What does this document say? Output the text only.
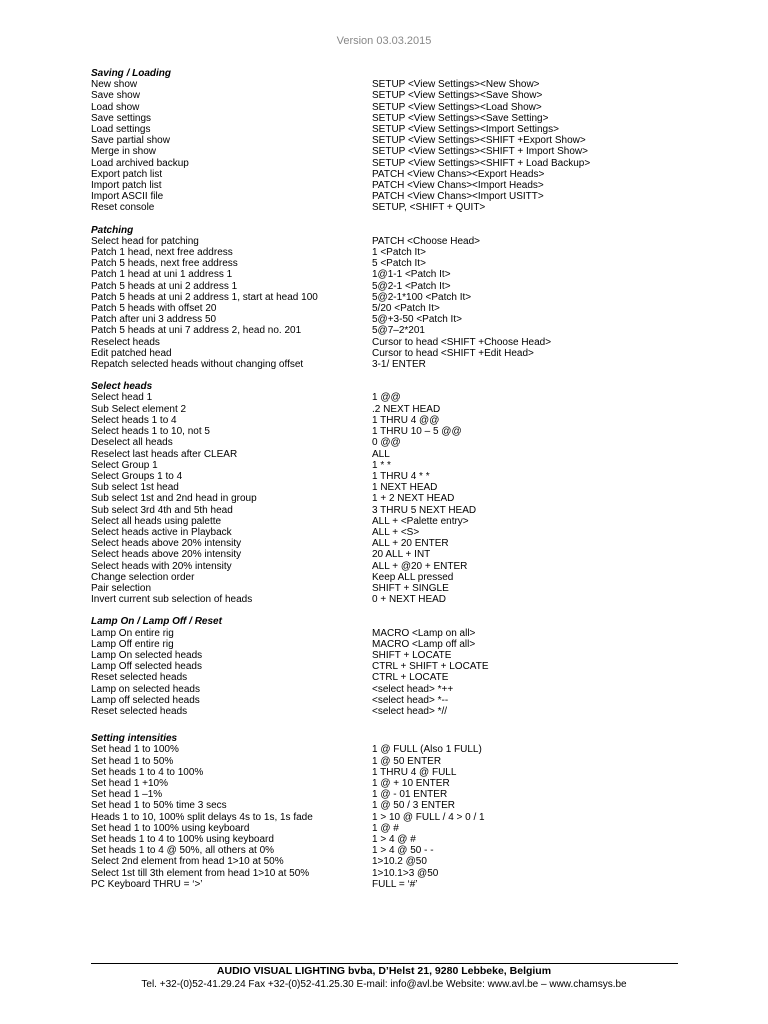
Version 03.03.2015
Saving / Loading
New show	SETUP <View Settings><New Show>
Save show	SETUP <View Settings><Save Show>
Load show	SETUP <View Settings><Load Show>
Save settings	SETUP <View Settings><Save Setting>
Load settings	SETUP <View Settings><Import Settings>
Save partial show	SETUP <View Settings><SHIFT +Export Show>
Merge in show	SETUP <View Settings><SHIFT + Import Show>
Load archived backup	SETUP <View Settings><SHIFT + Load Backup>
Export patch list	PATCH <View Chans><Export Heads>
Import patch list	PATCH <View Chans><Import Heads>
Import ASCII file	PATCH <View Chans><Import USITT>
Reset console	SETUP, <SHIFT + QUIT>
Patching
Select head for patching	PATCH <Choose Head>
Patch 1 head, next free address	1 <Patch It>
Patch 5 heads, next free address	5 <Patch It>
Patch 1 head at uni 1 address 1	1@1-1 <Patch It>
Patch 5 heads at uni 2 address 1	5@2-1 <Patch It>
Patch 5 heads at uni 2 address 1, start at head 100	5@2-1*100 <Patch It>
Patch 5 heads with offset 20	5/20 <Patch It>
Patch after uni 3 address 50	5@+3-50 <Patch It>
Patch 5 heads at uni 7 address 2, head no. 201	5@7–2*201
Reselect heads	Cursor to head <SHIFT +Choose Head>
Edit patched head	Cursor to head <SHIFT +Edit Head>
Repatch selected heads without changing offset	3-1/ ENTER
Select heads
Select head 1	1 @@
Sub Select element 2	.2 NEXT HEAD
Select heads 1 to 4	1 THRU 4 @@
Select heads 1 to 10, not 5	1 THRU 10 – 5 @@
Deselect all heads	0 @@
Reselect last heads after CLEAR	ALL
Select Group 1	1 * *
Select Groups 1 to 4	1 THRU 4 * *
Sub select 1st head	1 NEXT HEAD
Sub select 1st and 2nd head in group	1 + 2 NEXT HEAD
Sub select 3rd 4th and 5th head	3 THRU 5 NEXT HEAD
Select all heads using palette	ALL + <Palette entry>
Select heads active in Playback	ALL + <S>
Select heads above 20% intensity	ALL + 20 ENTER
Select heads above 20% intensity	20 ALL + INT
Select heads with 20% intensity	ALL + @20 + ENTER
Change selection order	Keep ALL pressed
Pair selection	SHIFT + SINGLE
Invert current sub selection of heads	0 + NEXT HEAD
Lamp On / Lamp Off / Reset
Lamp On entire rig	MACRO <Lamp on all>
Lamp Off entire rig	MACRO <Lamp off all>
Lamp On selected heads	SHIFT + LOCATE
Lamp Off selected heads	CTRL + SHIFT + LOCATE
Reset selected heads	CTRL + LOCATE
Lamp on selected heads	<select head> *++
Lamp off selected heads	<select head> *--
Reset selected heads	<select head> *//
Setting intensities
Set head 1 to 100%	1 @ FULL (Also 1 FULL)
Set head 1 to 50%	1 @ 50 ENTER
Set heads 1 to 4 to 100%	1 THRU 4 @ FULL
Set head 1 +10%	1 @ + 10 ENTER
Set head 1 –1%	1 @ - 01 ENTER
Set head 1 to 50% time 3 secs	1 @ 50 / 3 ENTER
Heads 1 to 10, 100% split delays 4s to 1s, 1s fade	1 > 10 @ FULL / 4 > 0 / 1
Set head 1 to 100% using keyboard	1 @ #
Set heads 1 to 4 to 100% using keyboard	1 > 4 @ #
Set heads 1 to 4 @ 50%, all others at 0%	1 > 4 @ 50 - -
Select 2nd element from head 1>10 at 50%	1>10.2 @50
Select 1st till 3th element from head 1>10 at 50%	1>10.1>3 @50
PC Keyboard THRU = ‘>’	FULL = ‘#’
AUDIO VISUAL LIGHTING bvba, D’Helst 21, 9280 Lebbeke, Belgium
Tel. +32-(0)52-41.29.24 Fax +32-(0)52-41.25.30 E-mail: info@avl.be Website: www.avl.be – www.chamsys.be
